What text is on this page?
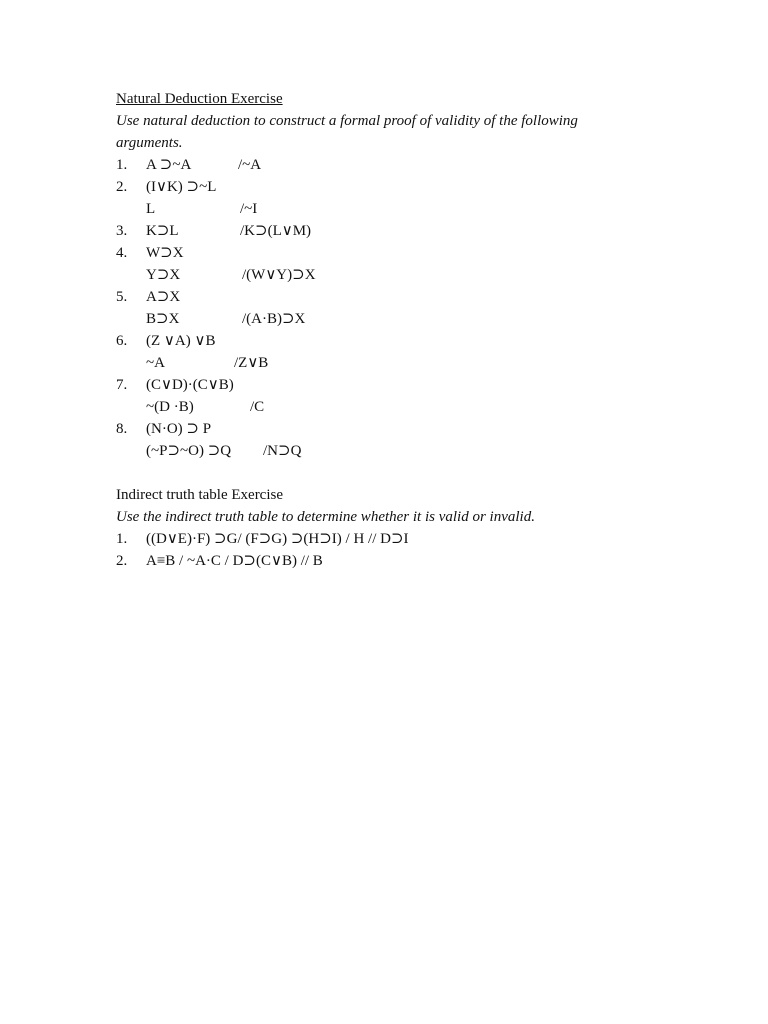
Natural Deduction Exercise
Use natural deduction to construct a formal proof of validity of the following arguments.
1. A ⊃~A	/~A
2. (I∨K) ⊃~L
L	/~I
3. K⊃L	/K⊃(L∨M)
4. W⊃X
Y⊃X	/(W∨Y)⊃X
5. A⊃X
B⊃X	/(A·B)⊃X
6. (Z ∨A) ∨B
~A	/Z∨B
7. (C∨D)·(C∨B)
~(D ·B)	/C
8. (N·O) ⊃ P
(~P⊃~O) ⊃Q /N⊃Q
Indirect truth table Exercise
Use the indirect truth table to determine whether it is valid or invalid.
1. ((D∨E)·F) ⊃G/ (F⊃G) ⊃(H⊃I) / H // D⊃I
2. A≡B / ~A·C / D⊃(C∨B) // B
